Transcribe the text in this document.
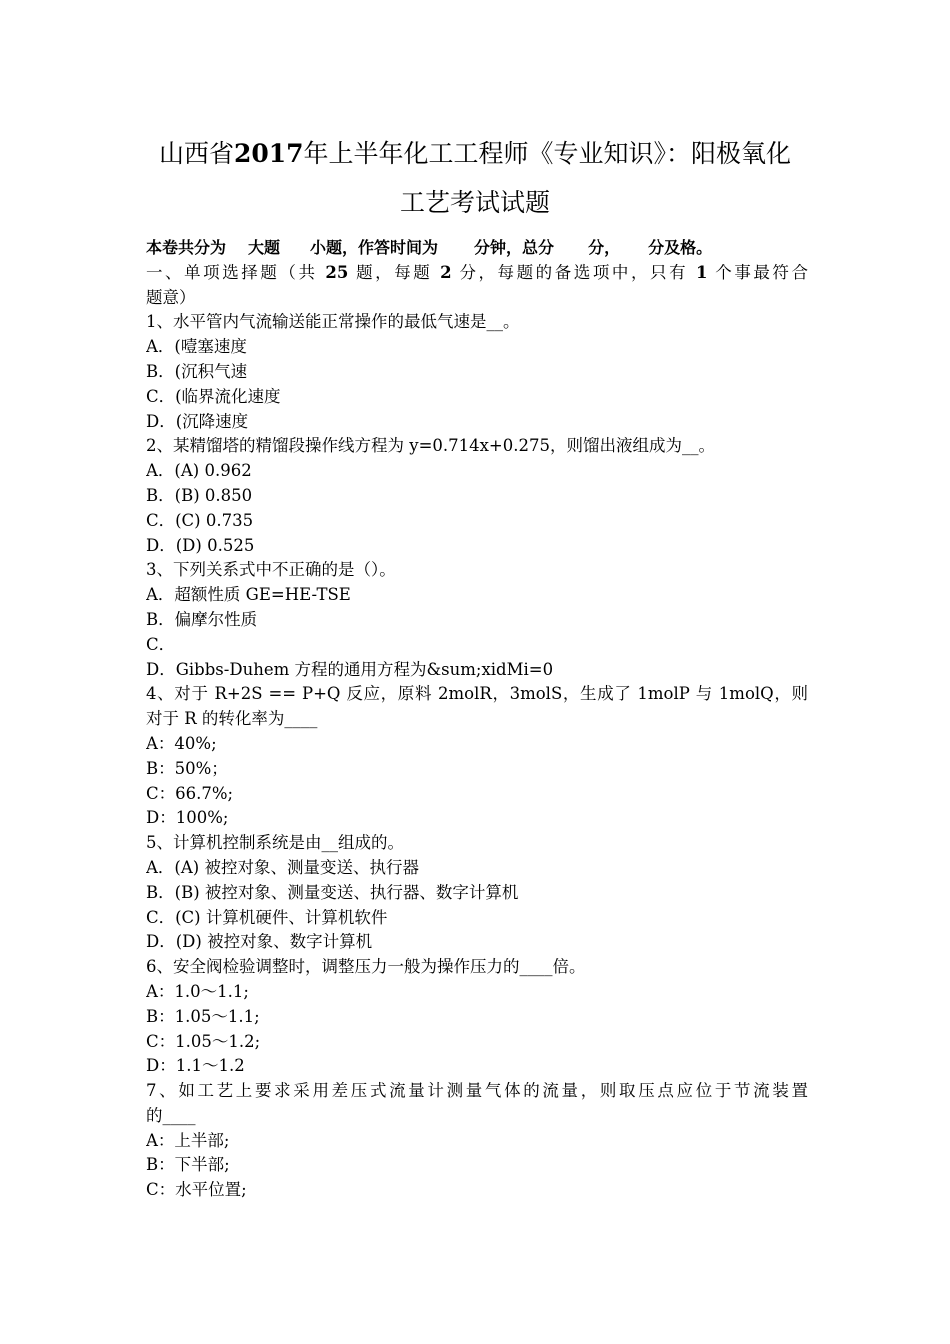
山西省2017年上半年化工工程师《专业知识》：阳极氧化
工艺考试试题
本卷共分为 大题 小题，作答时间为 分钟，总分 分， 分及格。
一、单项选择题（共 25 题，每题 2 分，每题的备选项中，只有 1 个事最符合
题意）
1、水平管内气流输送能正常操作的最低气速是__。
A．(噎塞速度
B．(沉积气速
C．(临界流化速度
D．(沉降速度
2、某精馏塔的精馏段操作线方程为 y=0.714x+0.275，则馏出液组成为__。
A．(A) 0.962
B．(B) 0.850
C．(C) 0.735
D．(D) 0.525
3、下列关系式中不正确的是（）。
A．超额性质 GE=HE-TSE
B．偏摩尔性质
C．
D．Gibbs-Duhem 方程的通用方程为&sum;xidMi=0
4、对于 R+2S == P+Q 反应，原料 2molR，3molS，生成了 1molP 与 1molQ，则
对于 R 的转化率为____
A：40%;
B：50%；
C：66.7%;
D：100%;
5、计算机控制系统是由__组成的。
A．(A) 被控对象、测量变送、执行器
B．(B) 被控对象、测量变送、执行器、数字计算机
C．(C) 计算机硬件、计算机软件
D．(D) 被控对象、数字计算机
6、安全阀检验调整时，调整压力一般为操作压力的____倍。
A：1.0～1.1;
B：1.05～1.1;
C：1.05～1.2;
D：1.1～1.2
7、如工艺上要求采用差压式流量计测量气体的流量，则取压点应位于节流装置
的____
A：上半部;
B：下半部;
C：水平位置;
